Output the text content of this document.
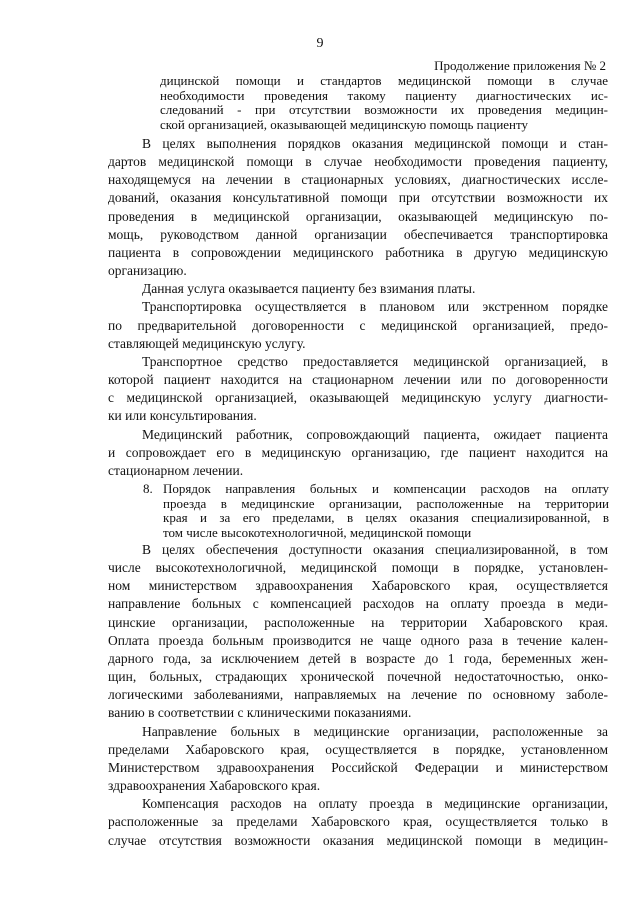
9
Продолжение приложения № 2
дицинской помощи и стандартов медицинской помощи в случае
необходимости проведения такому пациенту диагностических ис-
следований - при отсутствии возможности их проведения медицин-
ской организацией, оказывающей медицинскую помощь пациенту

В целях выполнения порядков оказания медицинской помощи и стан-
дартов медицинской помощи в случае необходимости проведения пациенту,
находящемуся на лечении в стационарных условиях, диагностических иссле-
дований, оказания консультативной помощи при отсутствии возможности их
проведения в медицинской организации, оказывающей медицинскую по-
мощь, руководством данной организации обеспечивается транспортировка
пациента в сопровождении медицинского работника в другую медицинскую
организацию.

Данная услуга оказывается пациенту без взимания платы.

Транспортировка осуществляется в плановом или экстренном порядке
по предварительной договоренности с медицинской организацией, предо-
ставляющей медицинскую услугу.

Транспортное средство предоставляется медицинской организацией, в
которой пациент находится на стационарном лечении или по договоренности
с медицинской организацией, оказывающей медицинскую услугу диагности-
ки или консультирования.

Медицинский работник, сопровождающий пациента, ожидает пациента
и сопровождает его в медицинскую организацию, где пациент находится на
стационарном лечении.

8. Порядок направления больных и компенсации расходов на оплату
проезда в медицинские организации, расположенные на территории
края и за его пределами, в целях оказания специализированной, в
том числе высокотехнологичной, медицинской помощи

В целях обеспечения доступности оказания специализированной, в том
числе высокотехнологичной, медицинской помощи в порядке, установлен-
ном министерством здравоохранения Хабаровского края, осуществляется
направление больных с компенсацией расходов на оплату проезда в меди-
цинские организации, расположенные на территории Хабаровского края.
Оплата проезда больным производится не чаще одного раза в течение кален-
дарного года, за исключением детей в возрасте до 1 года, беременных жен-
щин, больных, страдающих хронической почечной недостаточностью, онко-
логическими заболеваниями, направляемых на лечение по основному заболе-
ванию в соответствии с клиническими показаниями.

Направление больных в медицинские организации, расположенные за
пределами Хабаровского края, осуществляется в порядке, установленном
Министерством здравоохранения Российской Федерации и министерством
здравоохранения Хабаровского края.

Компенсация расходов на оплату проезда в медицинские организации,
расположенные за пределами Хабаровского края, осуществляется только в
случае отсутствия возможности оказания медицинской помощи в медицин-
